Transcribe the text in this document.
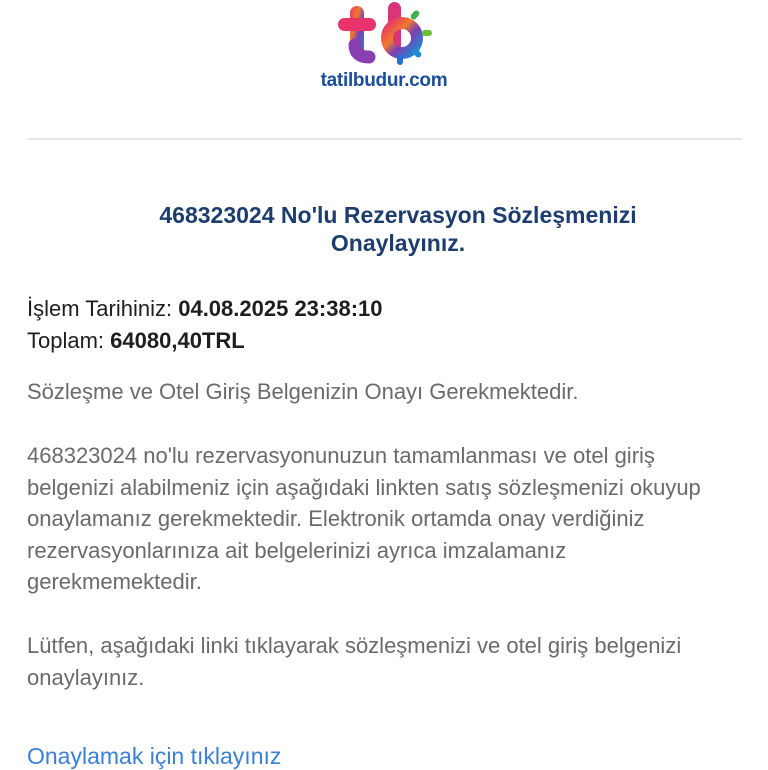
tatilbudur.com
468323024 No'lu Rezervasyon Sözleşmenizi
Onaylayınız.
İşlem Tarihiniz: 04.08.2025 23:38:10
Toplam: 64080,40TRL
Sözleşme ve Otel Giriş Belgenizin Onayı Gerekmektedir.
468323024 no'lu rezervasyonunuzun tamamlanması ve otel giriş belgenizi alabilmeniz için aşağıdaki linkten satış sözleşmenizi okuyup onaylamanız gerekmektedir. Elektronik ortamda onay verdiğiniz rezervasyonlarınıza ait belgelerinizi ayrıca imzalamanız gerekmemektedir.
Lütfen, aşağıdaki linki tıklayarak sözleşmenizi ve otel giriş belgenizi onaylayınız.
Onaylamak için tıklayınız
